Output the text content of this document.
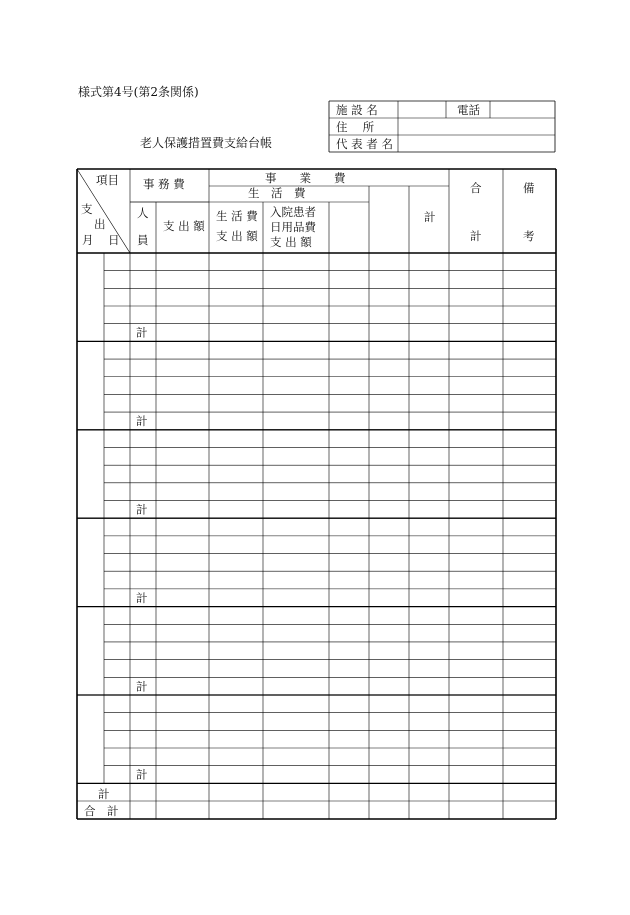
様式第4号(第2条関係)
老人保護措置費支給台帳
施 設 名	電話
住　 所
代 表 者 名
項目
支
出
月 日
事 務 費
人
員
支 出 額
事　　業　　費
生　活　費
生 活 費
支 出 額
入院患者
日用品費
支 出 額
計
合
計
備
考
計
計
計
計
計
計
計
合　計
